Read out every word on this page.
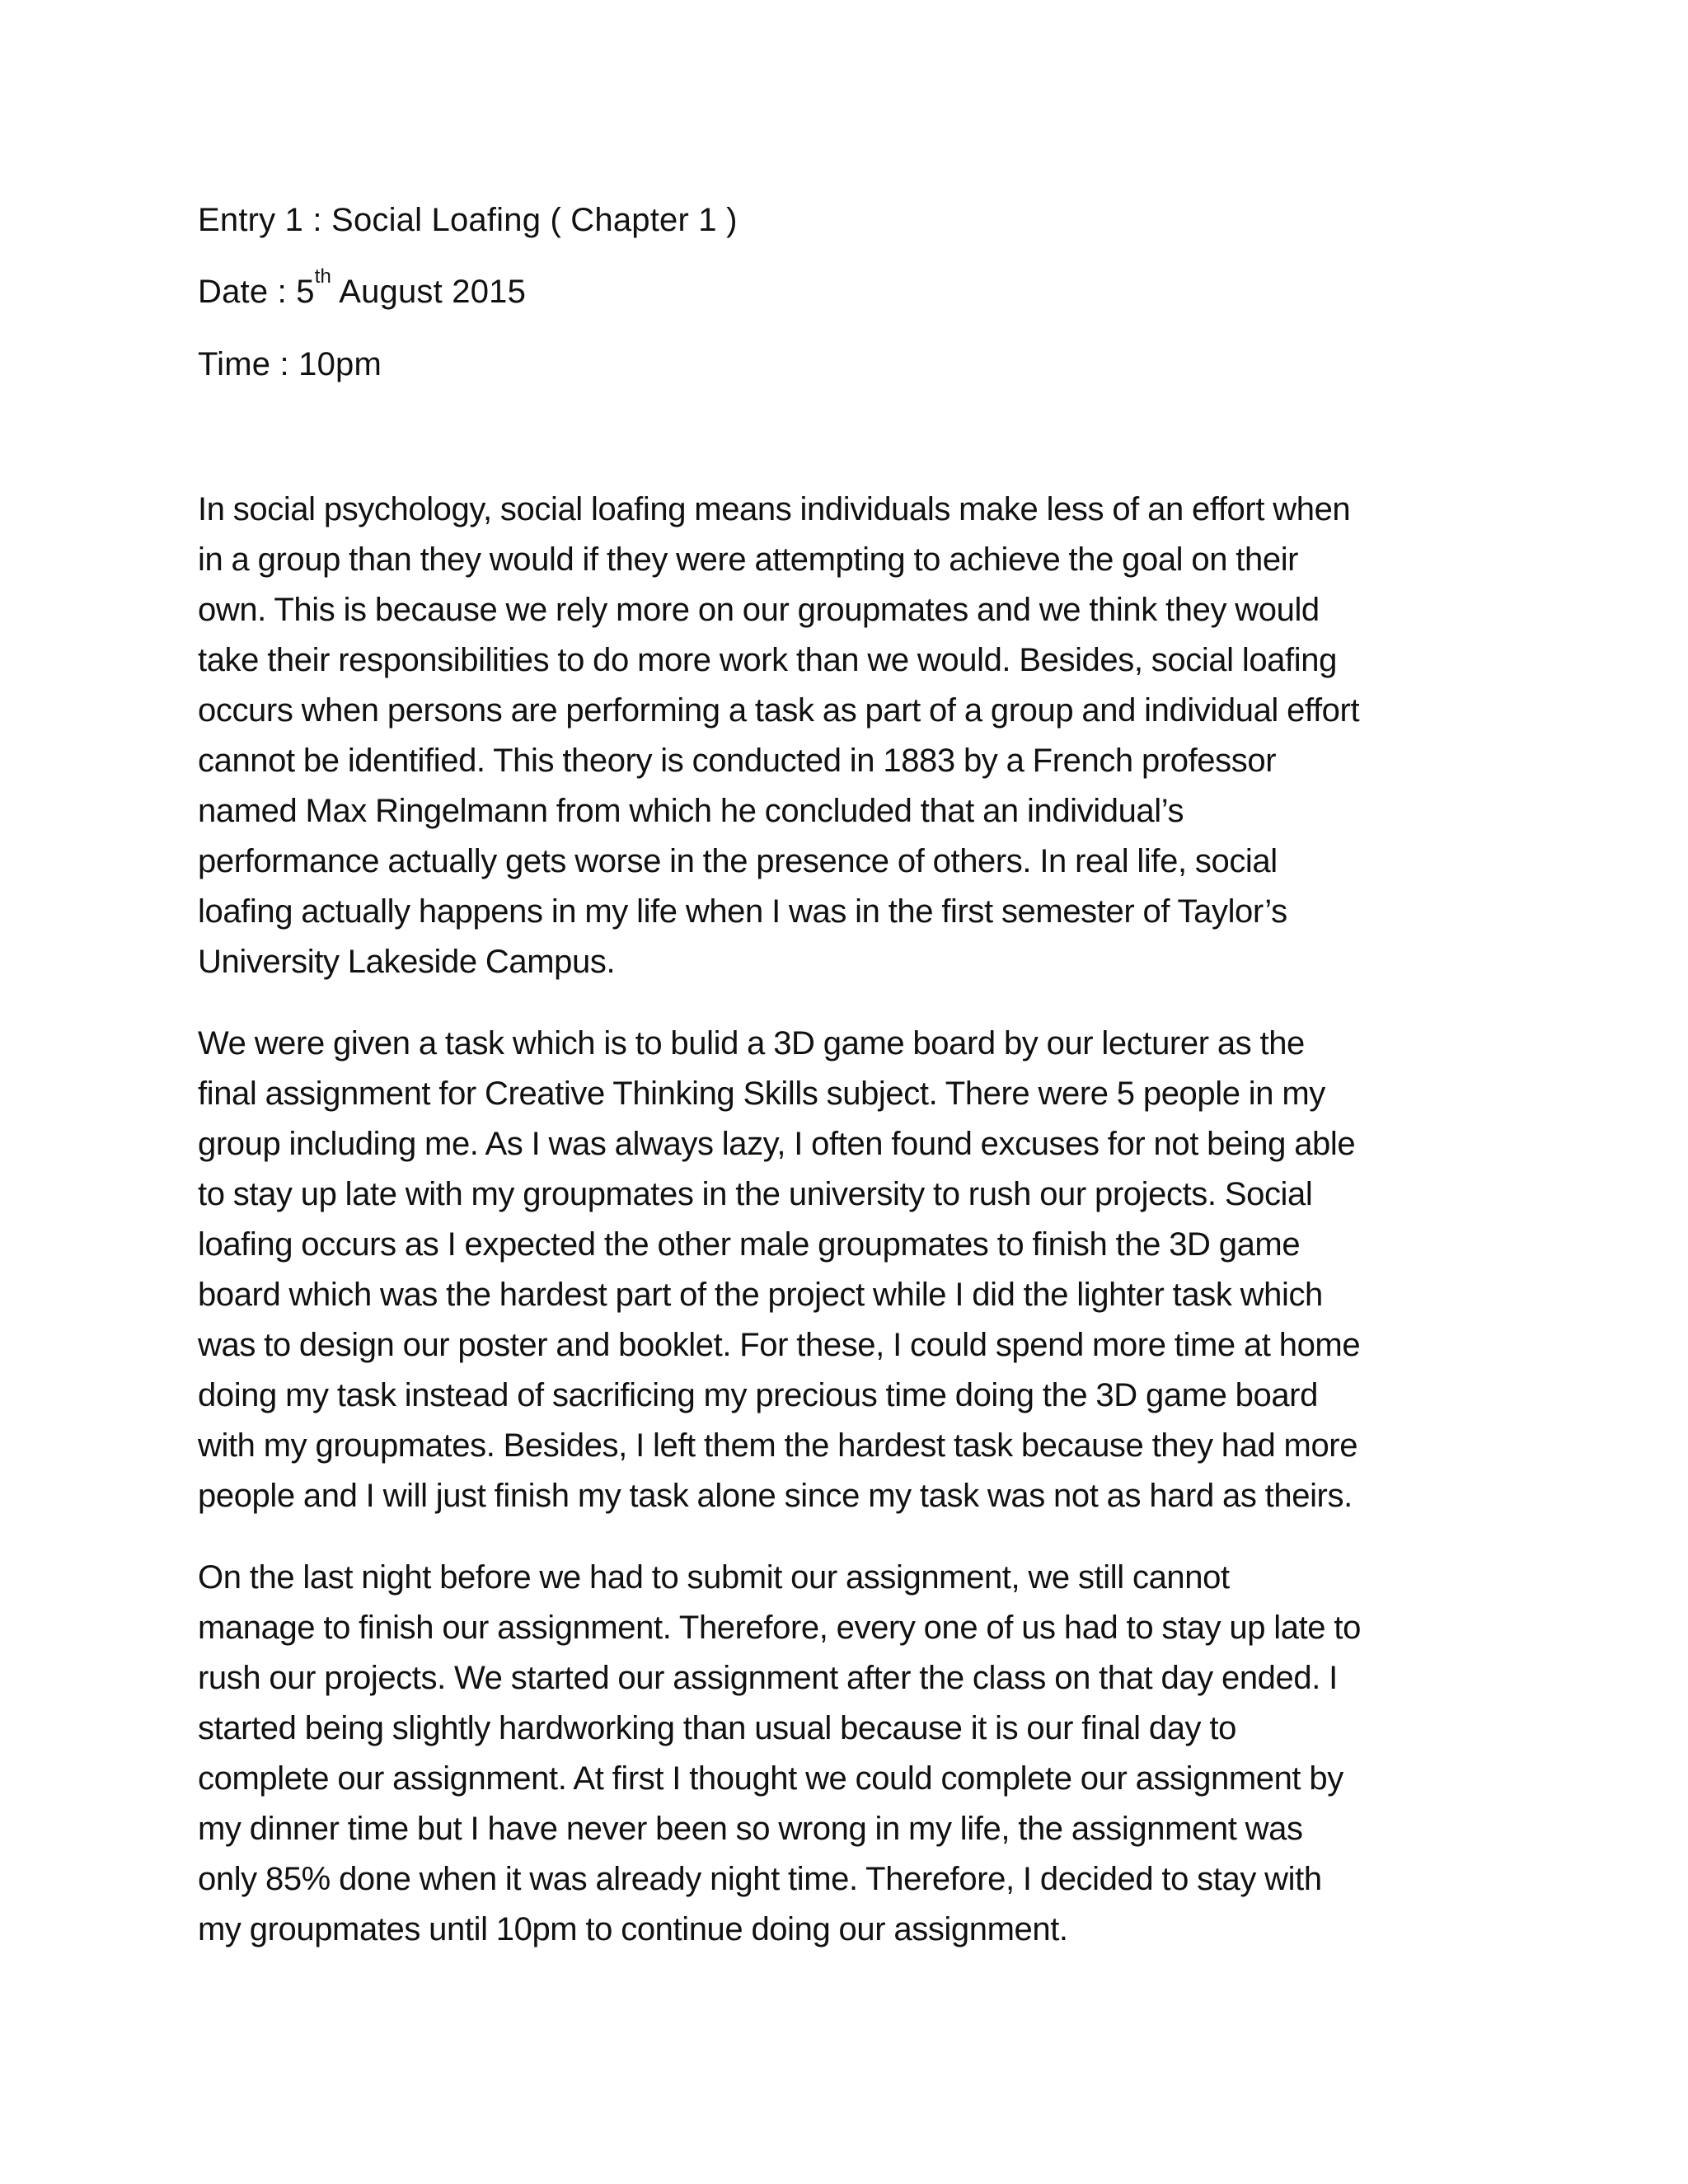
Entry 1 : Social Loafing ( Chapter 1 )
Date : 5th August 2015
Time : 10pm

In social psychology, social loafing means individuals make less of an effort when
in a group than they would if they were attempting to achieve the goal on their
own. This is because we rely more on our groupmates and we think they would
take their responsibilities to do more work than we would. Besides, social loafing
occurs when persons are performing a task as part of a group and individual effort
cannot be identified. This theory is conducted in 1883 by a French professor
named Max Ringelmann from which he concluded that an individual’s
performance actually gets worse in the presence of others. In real life, social
loafing actually happens in my life when I was in the first semester of Taylor’s
University Lakeside Campus.

We were given a task which is to bulid a 3D game board by our lecturer as the
final assignment for Creative Thinking Skills subject. There were 5 people in my
group including me. As I was always lazy, I often found excuses for not being able
to stay up late with my groupmates in the university to rush our projects. Social
loafing occurs as I expected the other male groupmates to finish the 3D game
board which was the hardest part of the project while I did the lighter task which
was to design our poster and booklet. For these, I could spend more time at home
doing my task instead of sacrificing my precious time doing the 3D game board
with my groupmates. Besides, I left them the hardest task because they had more
people and I will just finish my task alone since my task was not as hard as theirs.

On the last night before we had to submit our assignment, we still cannot
manage to finish our assignment. Therefore, every one of us had to stay up late to
rush our projects. We started our assignment after the class on that day ended. I
started being slightly hardworking than usual because it is our final day to
complete our assignment. At first I thought we could complete our assignment by
my dinner time but I have never been so wrong in my life, the assignment was
only 85% done when it was already night time. Therefore, I decided to stay with
my groupmates until 10pm to continue doing our assignment.
